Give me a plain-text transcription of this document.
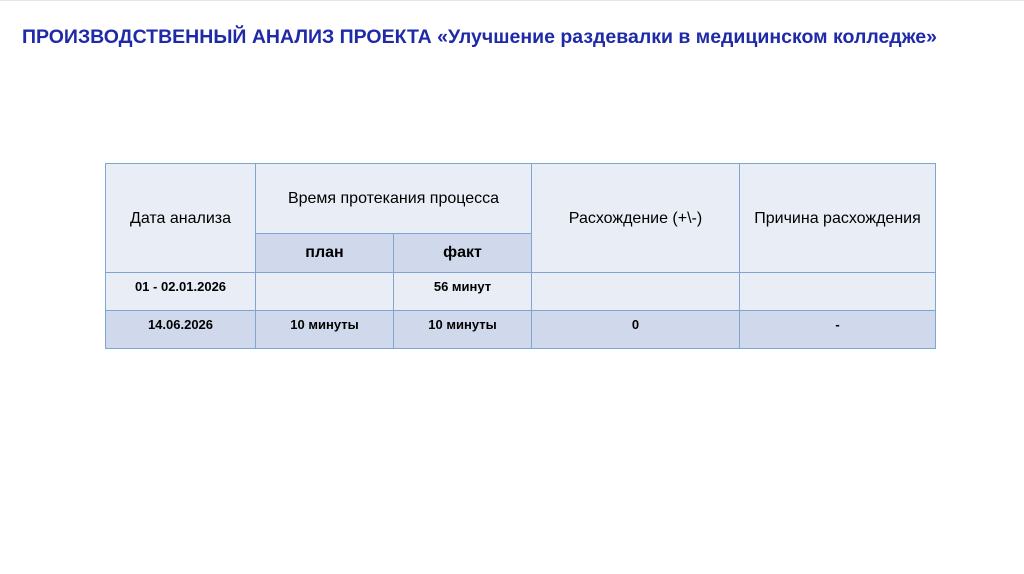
ПРОИЗВОДСТВЕННЫЙ АНАЛИЗ ПРОЕКТА «Улучшение раздевалки в медицинском колледже»
Дата анализа	Время протекания процесса		Расхождение (+\-)	Причина расхождения
	план	факт		
01 - 02.01.2026		56 минут		
14.06.2026	10 минуты	10 минуты	0	-
